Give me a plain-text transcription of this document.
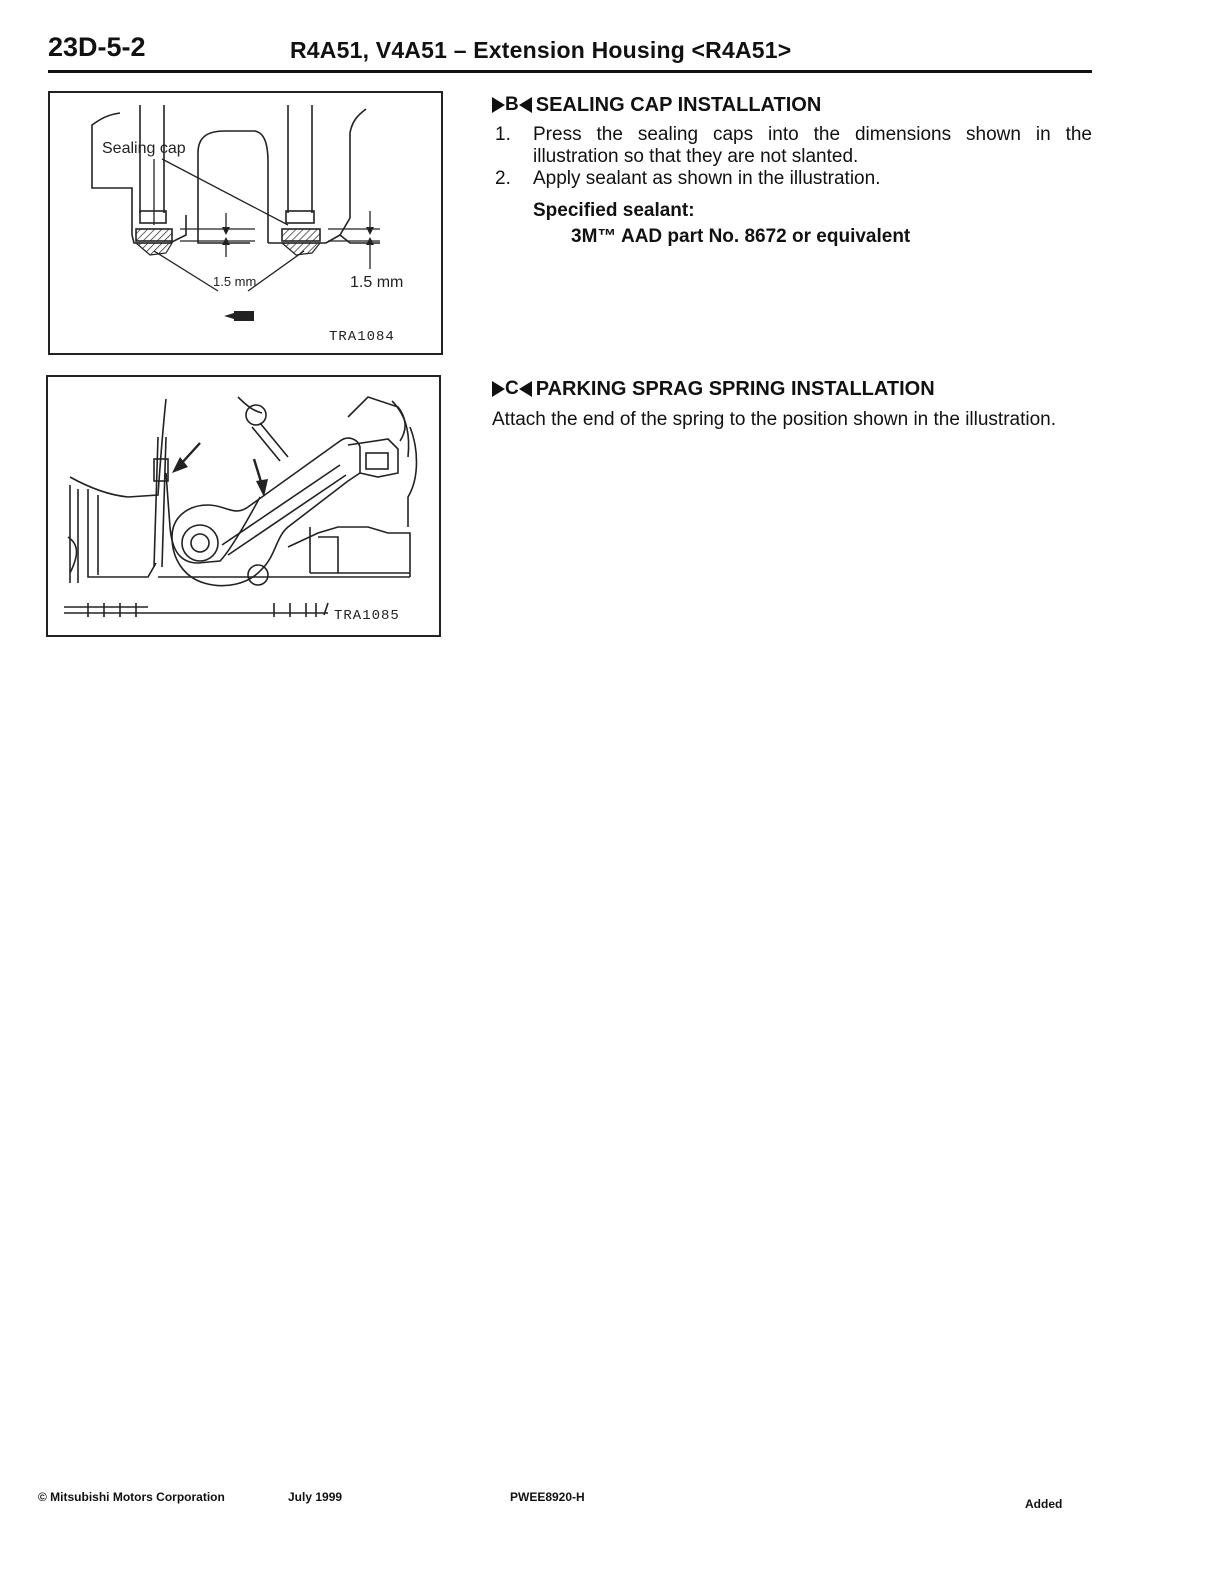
23D-5-2	R4A51, V4A51 – Extension Housing <R4A51>
Sealing cap
1.5 mm	1.5 mm
TRA1084
TRA1085
B SEALING CAP INSTALLATION
1. Press the sealing caps into the dimensions shown in the illustration so that they are not slanted.
2. Apply sealant as shown in the illustration.
Specified sealant:
3M™ AAD part No. 8672 or equivalent
C PARKING SPRAG SPRING INSTALLATION
Attach the end of the spring to the position shown in the illustration.
© Mitsubishi Motors Corporation	July 1999	PWEE8920-H	Added
